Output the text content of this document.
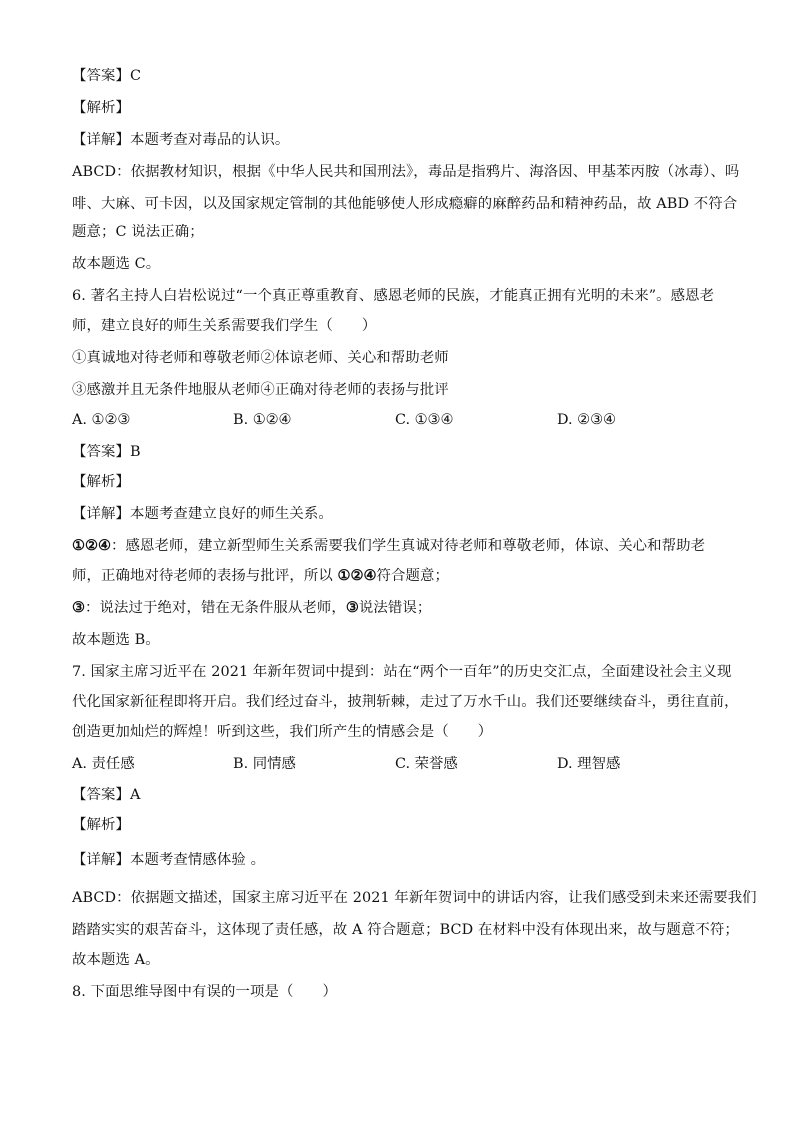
【答案】C
【解析】
【详解】本题考查对毒品的认识。
ABCD：依据教材知识，根据《中华人民共和国刑法》，毒品是指鸦片、海洛因、甲基苯丙胺（冰毒）、吗
啡、大麻、可卡因，以及国家规定管制的其他能够使人形成瘾癖的麻醉药品和精神药品，故 ABD 不符合
题意；C 说法正确；
故本题选 C。
6. 著名主持人白岩松说过“一个真正尊重教育、感恩老师的民族，才能真正拥有光明的未来”。感恩老
师，建立良好的师生关系需要我们学生（　　）
①真诚地对待老师和尊敬老师②体谅老师、关心和帮助老师
③感激并且无条件地服从老师④正确对待老师的表扬与批评
A. ①②③	B. ①②④	C. ①③④	D. ②③④
【答案】B
【解析】
【详解】本题考查建立良好的师生关系。
①②④：感恩老师，建立新型师生关系需要我们学生真诚对待老师和尊敬老师，体谅、关心和帮助老
师，正确地对待老师的表扬与批评，所以 ①②④符合题意；
③：说法过于绝对，错在无条件服从老师，③说法错误；
故本题选 B。
7. 国家主席习近平在 2021 年新年贺词中提到：站在“两个一百年”的历史交汇点，全面建设社会主义现
代化国家新征程即将开启。我们经过奋斗，披荆斩棘，走过了万水千山。我们还要继续奋斗，勇往直前，
创造更加灿烂的辉煌！听到这些，我们所产生的情感会是（　　）
A. 责任感	B. 同情感	C. 荣誉感	D. 理智感
【答案】A
【解析】
【详解】本题考查情感体验 。
ABCD：依据题文描述，国家主席习近平在 2021 年新年贺词中的讲话内容，让我们感受到未来还需要我们
踏踏实实的艰苦奋斗，这体现了责任感，故 A 符合题意；BCD 在材料中没有体现出来，故与题意不符；
故本题选 A。
8. 下面思维导图中有误的一项是（　　）
